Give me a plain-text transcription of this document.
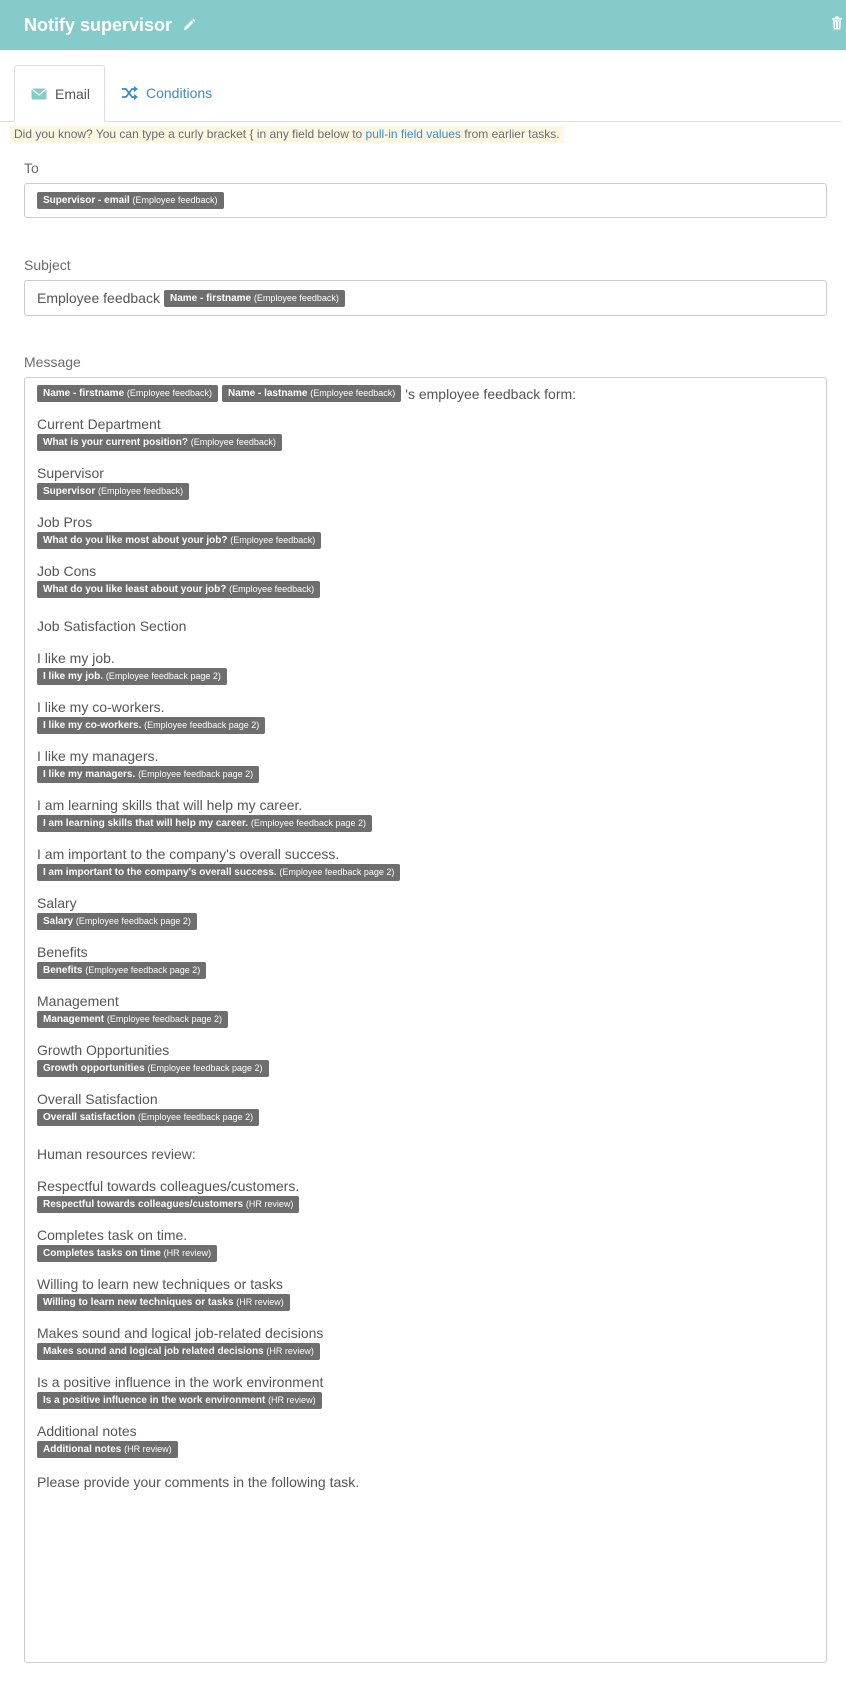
Notify supervisor
Email	Conditions
Did you know? You can type a curly bracket { in any field below to pull-in field values from earlier tasks.
To
Supervisor - email (Employee feedback)
Subject
Employee feedback	Name - firstname (Employee feedback)
Message
Name - firstname (Employee feedback)	Name - lastname (Employee feedback) 's employee feedback form:
Current Department
What is your current position? (Employee feedback)
Supervisor
Supervisor (Employee feedback)
Job Pros
What do you like most about your job? (Employee feedback)
Job Cons
What do you like least about your job? (Employee feedback)
Job Satisfaction Section
I like my job.
I like my job. (Employee feedback page 2)
I like my co-workers.
I like my co-workers. (Employee feedback page 2)
I like my managers.
I like my managers. (Employee feedback page 2)
I am learning skills that will help my career.
I am learning skills that will help my career. (Employee feedback page 2)
I am important to the company's overall success.
I am important to the company's overall success. (Employee feedback page 2)
Salary
Salary (Employee feedback page 2)
Benefits
Benefits (Employee feedback page 2)
Management
Management (Employee feedback page 2)
Growth Opportunities
Growth opportunities (Employee feedback page 2)
Overall Satisfaction
Overall satisfaction (Employee feedback page 2)
Human resources review:
Respectful towards colleagues/customers.
Respectful towards colleagues/customers (HR review)
Completes task on time.
Completes tasks on time (HR review)
Willing to learn new techniques or tasks
Willing to learn new techniques or tasks (HR review)
Makes sound and logical job-related decisions
Makes sound and logical job related decisions (HR review)
Is a positive influence in the work environment
Is a positive influence in the work environment (HR review)
Additional notes
Additional notes (HR review)
Please provide your comments in the following task.
